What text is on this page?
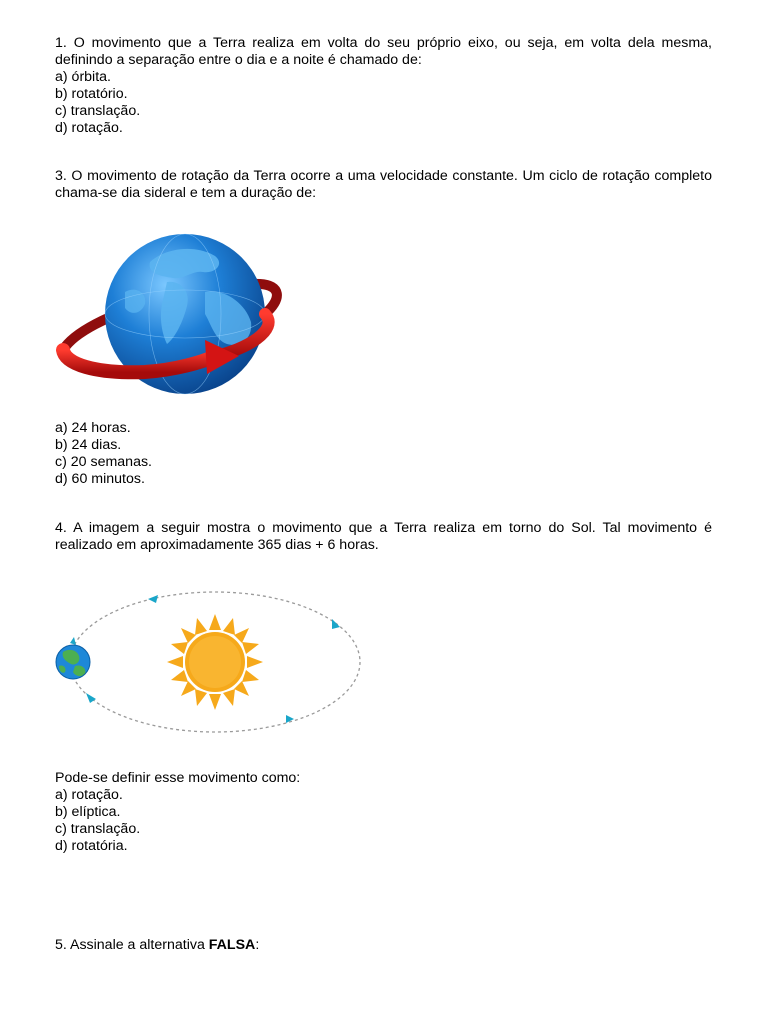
1. O movimento que a Terra realiza em volta do seu próprio eixo, ou seja, em volta dela mesma, definindo a separação entre o dia e a noite é chamado de:
a) órbita.
b) rotatório.
c) translação.
d) rotação.
3. O movimento de rotação da Terra ocorre a uma velocidade constante. Um ciclo de rotação completo chama-se dia sideral e tem a duração de:
a) 24 horas.
b) 24 dias.
c) 20 semanas.
d) 60 minutos.
4. A imagem a seguir mostra o movimento que a Terra realiza em torno do Sol. Tal movimento é realizado em aproximadamente 365 dias + 6 horas.
Pode-se definir esse movimento como:
a) rotação.
b) elíptica.
c) translação.
d) rotatória.
5. Assinale a alternativa FALSA:
